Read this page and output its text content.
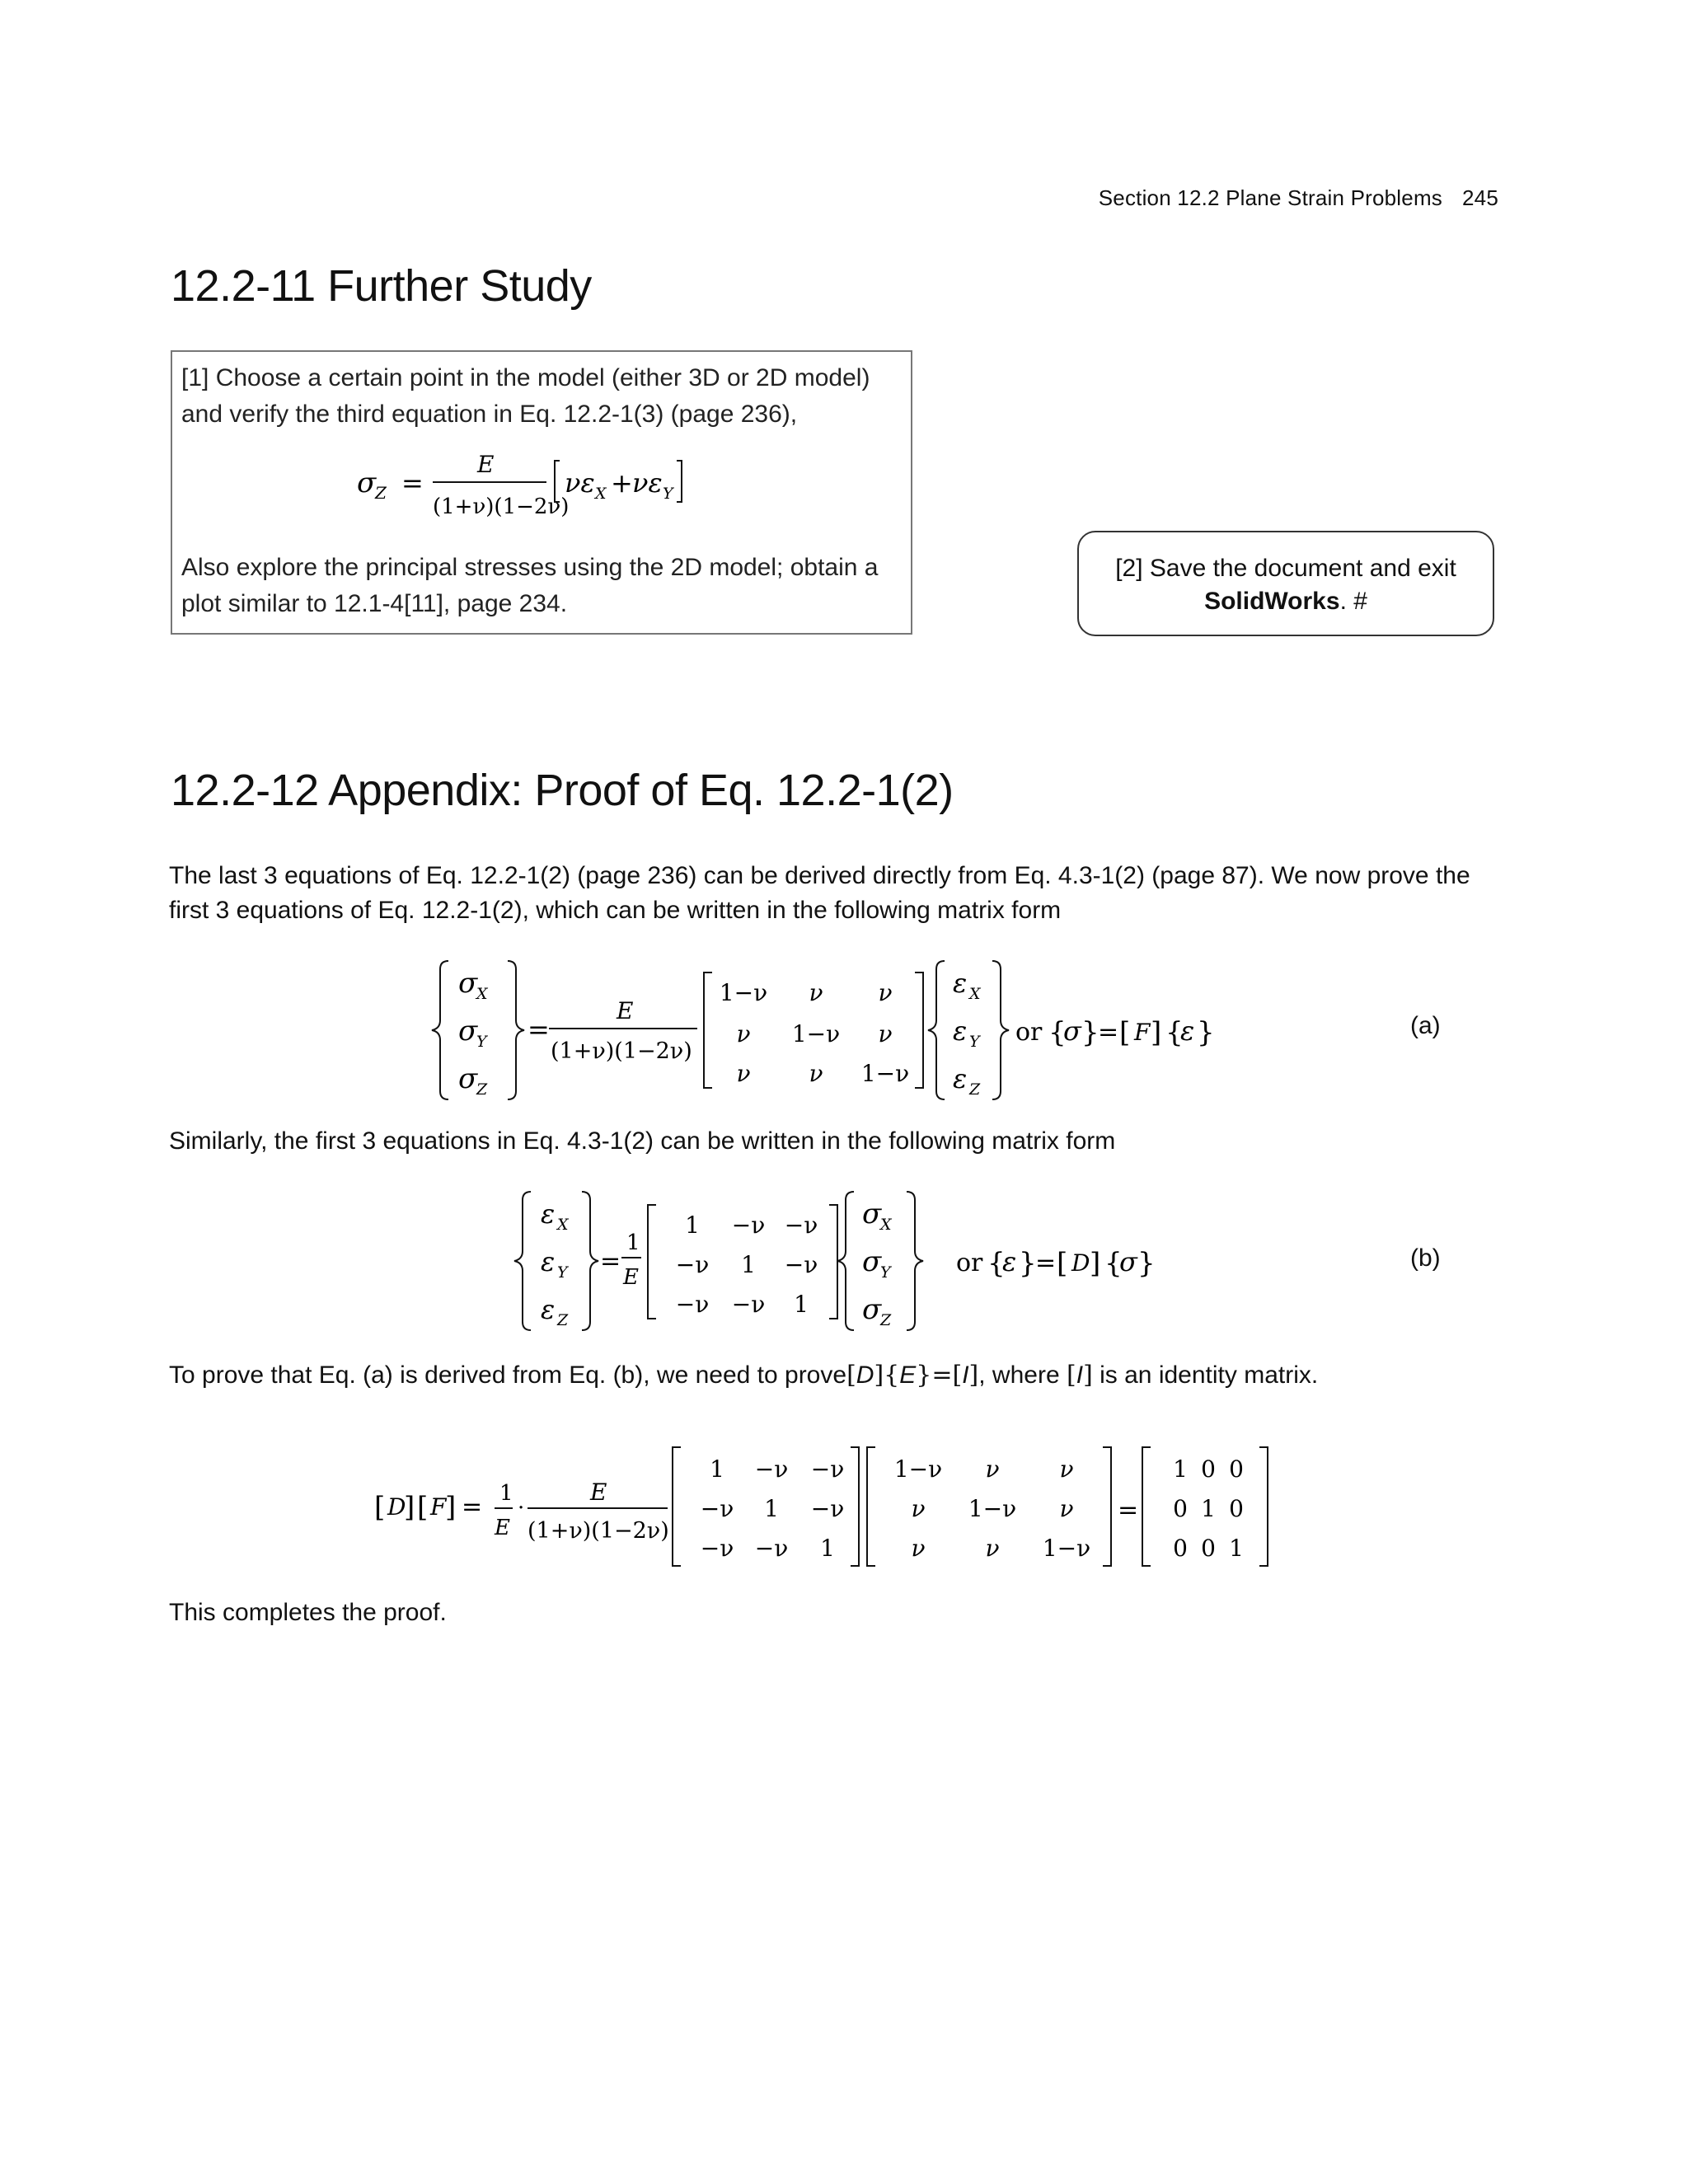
Section 12.2 Plane Strain Problems 245
12.2-11 Further Study
[1] Choose a certain point in the model (either 3D or 2D model)
and verify the third equation in Eq. 12.2-1(3) (page 236),
σ
Z =
E
(1+ν)(1−2ν)
νε X + νε Y
Also explore the principal stresses using the 2D model; obtain a
plot similar to 12.1-4[11], page 234.
[2] Save the document and exit
SolidWorks. #
12.2-12 Appendix: Proof of Eq. 12.2-1(2)
The last 3 equations of Eq. 12.2-1(2) (page 236) can be derived directly from Eq. 4.3-1(2) (page 87). We now prove the
first 3 equations of Eq. 12.2-1(2), which can be written in the following matrix form
σ
X
σ
Y
σ
Z
=
E
(1+ν)(1−2ν)
1−ν ν ν
ν 1−ν ν
ν	ν 1−ν
ε X
ε Y
ε Z
or {
σ }
= [ F ] {
ε }	(a)
Similarly, the first 3 equations in Eq. 4.3-1(2) can be written in the following matrix form
ε X
ε Y
ε Z
=
1
E
1 −ν −ν
−ν 1 −ν
−ν −ν 1
σ
X
σ
Y
σ
Z
or {
ε }
= [ D ] {
σ }	(b)
To prove that Eq. (a) is derived from Eq. (b), we need to prove[D]{E}=[I], where [I] is an identity matrix.
[ D
] [ F
] = 1
E
·
E
(1+ν)(1−2ν)
1 −ν −ν
−ν 1 −ν
−ν −ν 1
1−ν ν	ν
ν 1−ν ν
ν	ν 1−ν
=
1 0 0
0 1 0
0 0 1
This completes the proof.
